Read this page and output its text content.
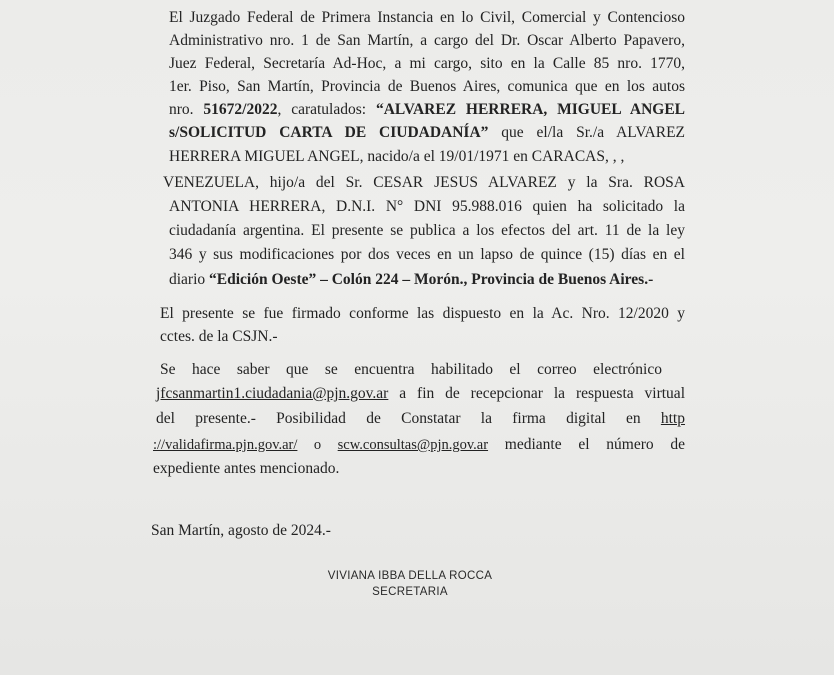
El Juzgado Federal de Primera Instancia en lo Civil, Comercial y Contencioso
Administrativo nro. 1 de San Martín, a cargo del Dr. Oscar Alberto Papavero,
Juez Federal, Secretaría Ad-Hoc, a mi cargo, sito en la Calle 85 nro. 1770,
1er. Piso, San Martín, Provincia de Buenos Aires, comunica que en los autos
nro. 51672/2022, caratulados: “ALVAREZ HERRERA, MIGUEL ANGEL
s/SOLICITUD CARTA DE CIUDADANÍA” que el/la Sr./a ALVAREZ
HERRERA MIGUEL ANGEL, nacido/a el 19/01/1971 en CARACAS, , ,
VENEZUELA, hijo/a del Sr. CESAR JESUS ALVAREZ y la Sra. ROSA
ANTONIA HERRERA, D.N.I. N° DNI 95.988.016 quien ha solicitado la
ciudadanía argentina. El presente se publica a los efectos del art. 11 de la ley
346 y sus modificaciones por dos veces en un lapso de quince (15) días en el
diario “Edición Oeste” – Colón 224 – Morón., Provincia de Buenos Aires.-
El presente se fue firmado conforme las dispuesto en la Ac. Nro. 12/2020 y
cctes. de la CSJN.-
Se hace saber que se encuentra habilitado el correo electrónico
jfcsanmartin1.ciudadania@pjn.gov.ar a fin de recepcionar la respuesta virtual
del presente.- Posibilidad de Constatar la firma digital en http
://validafirma.pjn.gov.ar/ o scw.consultas@pjn.gov.ar mediante el número de
expediente antes mencionado.
San Martín, agosto de 2024.-
VIVIANA IBBA DELLA ROCCA
SECRETARIA
